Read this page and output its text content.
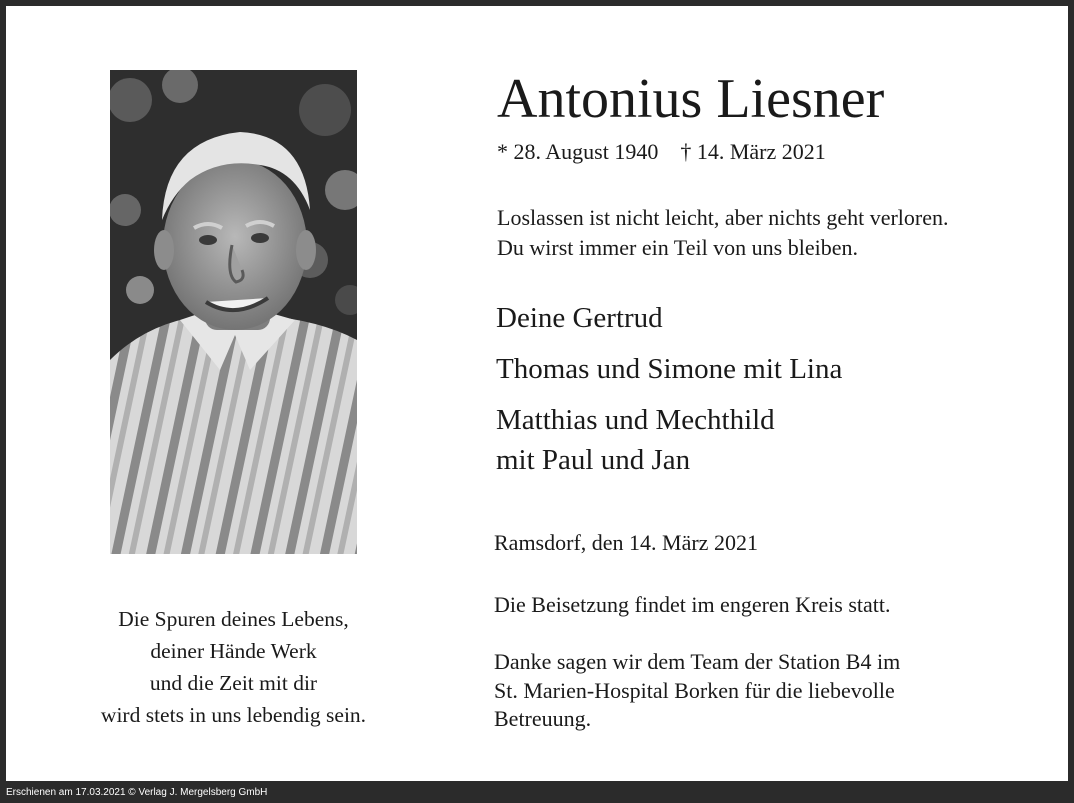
Die Spuren deines Lebens,
deiner Hände Werk
und die Zeit mit dir
wird stets in uns lebendig sein.
Antonius Liesner
* 28. August 1940 † 14. März 2021
Loslassen ist nicht leicht, aber nichts geht verloren.
Du wirst immer ein Teil von uns bleiben.
Deine Gertrud
Thomas und Simone mit Lina
Matthias und Mechthild
mit Paul und Jan
Ramsdorf, den 14. März 2021
Die Beisetzung findet im engeren Kreis statt.
Danke sagen wir dem Team der Station B4 im
St. Marien-Hospital Borken für die liebevolle
Betreuung.
Erschienen am 17.03.2021 © Verlag J. Mergelsberg GmbH
